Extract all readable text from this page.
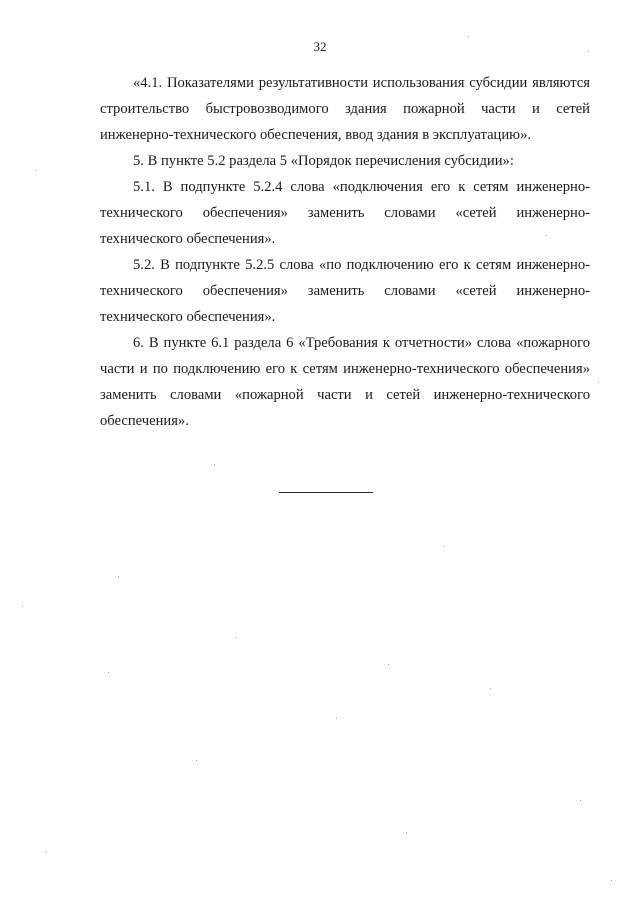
32

«4.1. Показателями результативности использования субсидии являются строительство быстровозводимого здания пожарной части и сетей инженерно-технического обеспечения, ввод здания в эксплуатацию».

5. В пункте 5.2 раздела 5 «Порядок перечисления субсидии»:

5.1. В подпункте 5.2.4 слова «подключения его к сетям инженерно-технического обеспечения» заменить словами «сетей инженерно-технического обеспечения».

5.2. В подпункте 5.2.5 слова «по подключению его к сетям инженерно-технического обеспечения» заменить словами «сетей инженерно-технического обеспечения».

6. В пункте 6.1 раздела 6 «Требования к отчетности» слова «пожарного части и по подключению его к сетям инженерно-технического обеспечения» заменить словами «пожарной части и сетей инженерно-технического обеспечения».
